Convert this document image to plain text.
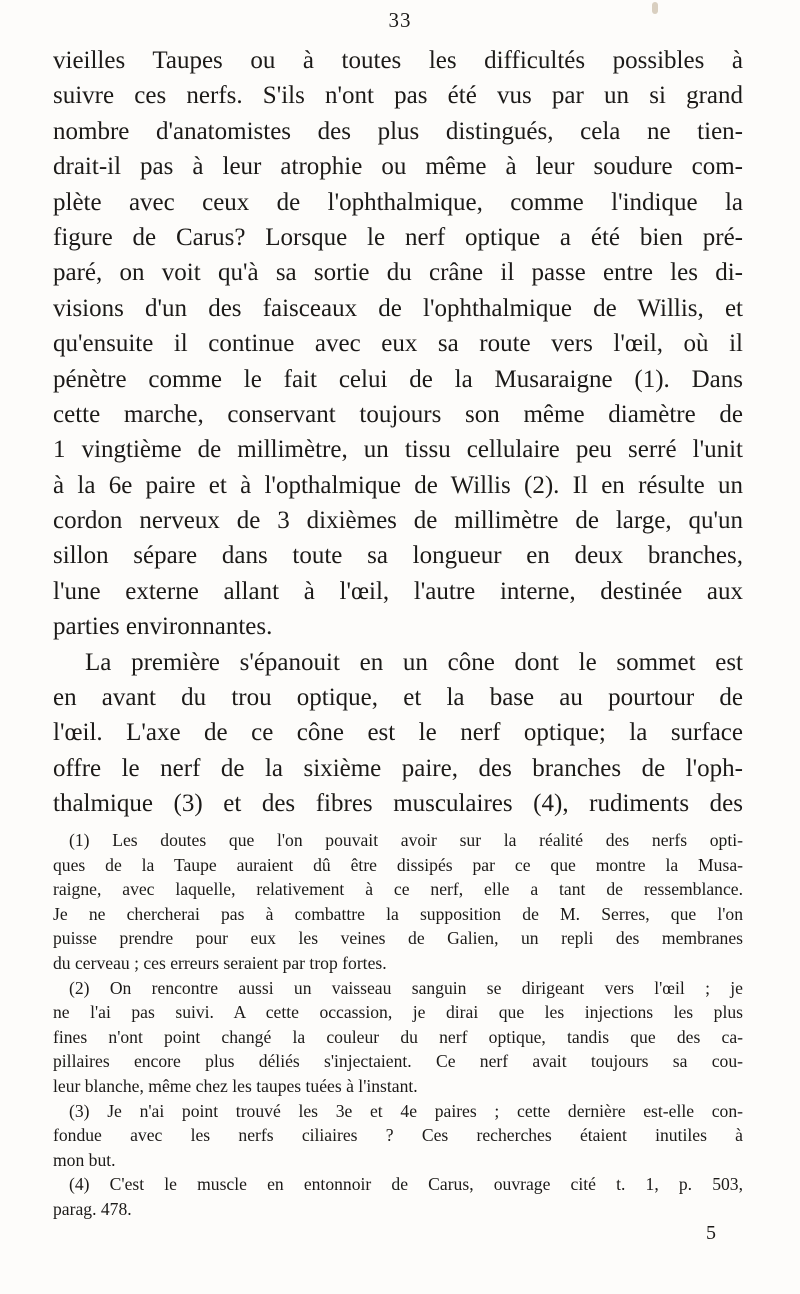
33
vieilles Taupes ou à toutes les difficultés possibles à
suivre ces nerfs. S'ils n'ont pas été vus par un si grand
nombre d'anatomistes des plus distingués, cela ne tien-
drait-il pas à leur atrophie ou même à leur soudure com-
plète avec ceux de l'ophthalmique, comme l'indique la
figure de Carus? Lorsque le nerf optique a été bien pré-
paré, on voit qu'à sa sortie du crâne il passe entre les di-
visions d'un des faisceaux de l'ophthalmique de Willis, et
qu'ensuite il continue avec eux sa route vers l'œil, où il
pénètre comme le fait celui de la Musaraigne (1). Dans
cette marche, conservant toujours son même diamètre de
1 vingtième de millimètre, un tissu cellulaire peu serré l'unit
à la 6e paire et à l'opthalmique de Willis (2). Il en résulte un
cordon nerveux de 3 dixièmes de millimètre de large, qu'un
sillon sépare dans toute sa longueur en deux branches,
l'une externe allant à l'œil, l'autre interne, destinée aux
parties environnantes.
La première s'épanouit en un cône dont le sommet est
en avant du trou optique, et la base au pourtour de
l'œil. L'axe de ce cône est le nerf optique; la surface
offre le nerf de la sixième paire, des branches de l'oph-
thalmique (3) et des fibres musculaires (4), rudiments des
(1) Les doutes que l'on pouvait avoir sur la réalité des nerfs opti-
ques de la Taupe auraient dû être dissipés par ce que montre la Musa-
raigne, avec laquelle, relativement à ce nerf, elle a tant de ressemblance.
Je ne chercherai pas à combattre la supposition de M. Serres, que l'on
puisse prendre pour eux les veines de Galien, un repli des membranes
du cerveau ; ces erreurs seraient par trop fortes.
(2) On rencontre aussi un vaisseau sanguin se dirigeant vers l'œil ; je
ne l'ai pas suivi. A cette occassion, je dirai que les injections les plus
fines n'ont point changé la couleur du nerf optique, tandis que des ca-
pillaires encore plus déliés s'injectaient. Ce nerf avait toujours sa cou-
leur blanche, même chez les taupes tuées à l'instant.
(3) Je n'ai point trouvé les 3e et 4e paires ; cette dernière est-elle con-
fondue avec les nerfs ciliaires ? Ces recherches étaient inutiles à
mon but.
(4) C'est le muscle en entonnoir de Carus, ouvrage cité t. 1, p. 503,
parag. 478.
5
